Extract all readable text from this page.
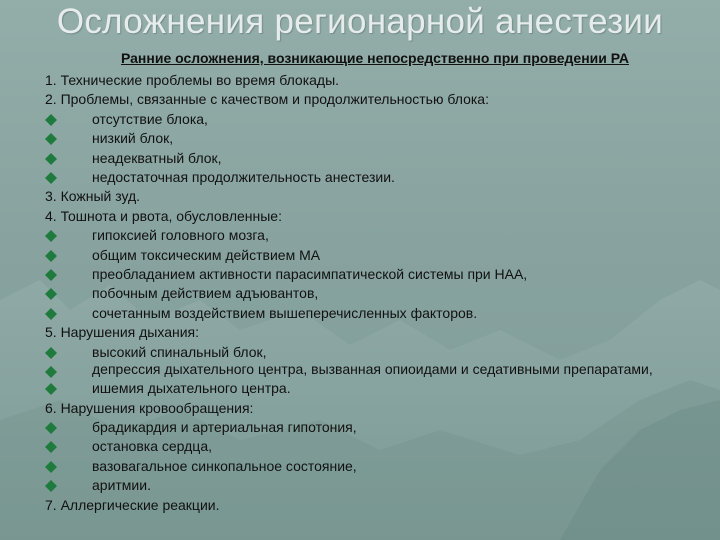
Осложнения регионарной анестезии
Ранние осложнения, возникающие непосредственно при проведении РА
1. Технические проблемы во время блокады.
2. Проблемы, связанные с качеством и продолжительностью блока:
отсутствие блока,
низкий блок,
неадекватный блок,
недостаточная продолжительность анестезии.
3. Кожный зуд.
4. Тошнота и рвота, обусловленные:
гипоксией головного мозга,
общим токсическим действием МА
преобладанием активности парасимпатической системы при НАА,
побочным действием адъювантов,
сочетанным воздействием вышеперечисленных факторов.
5. Нарушения дыхания:
высокий спинальный блок,
депрессия дыхательного центра, вызванная опиоидами и седативными препаратами,
ишемия дыхательного центра.
6. Нарушения кровообращения:
брадикардия и артериальная гипотония,
остановка сердца,
вазовагальное синкопальное состояние,
аритмии.
7. Аллергические реакции.
